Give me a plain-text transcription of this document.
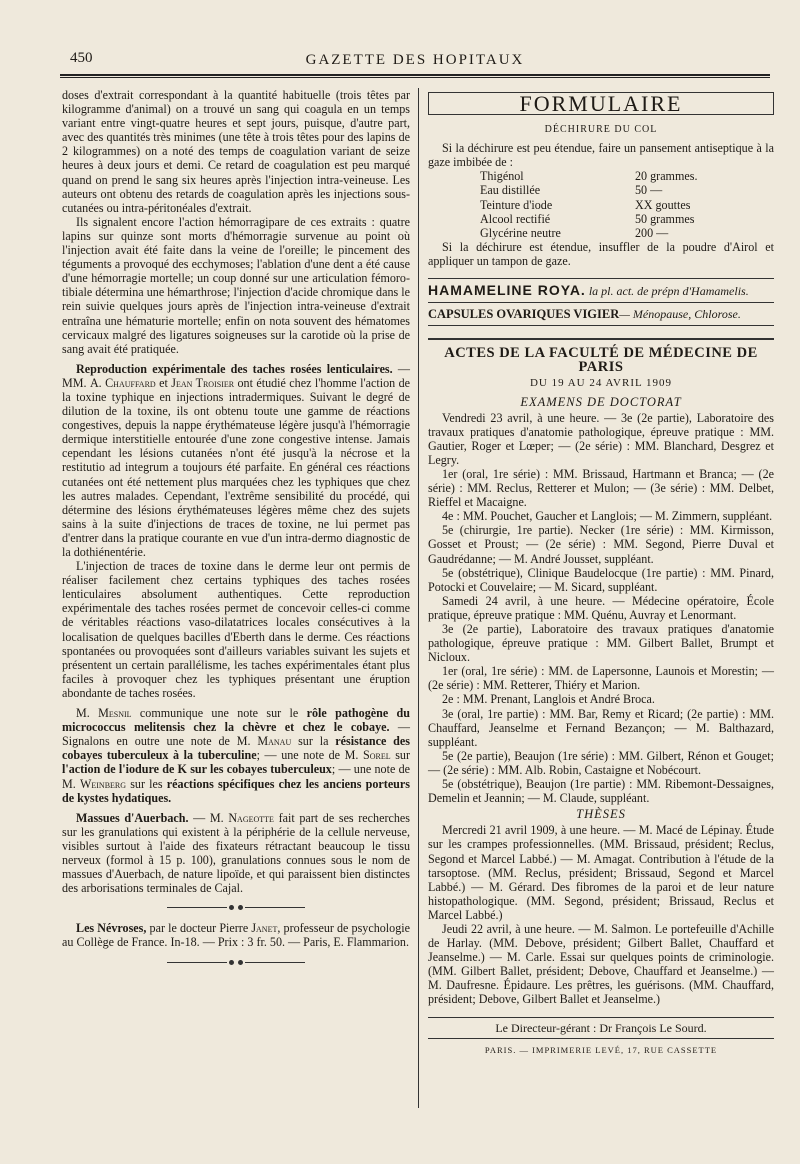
450	GAZETTE DES HOPITAUX

doses d'extrait correspondant à la quantité habituelle (trois têtes par kilogramme d'animal) on a trouvé un sang qui coagula en un temps variant entre vingt-quatre heures et sept jours, puisque, d'autre part, avec des quantités très minimes (une tête à trois têtes pour des lapins de 2 kilogrammes) on a noté des temps de coagulation variant de seize heures à deux jours et demi. Ce retard de coagulation est peu marqué quand on prend le sang six heures après l'injection intra-veineuse. Les auteurs ont obtenu des retards de coagulation après les injections sous-cutanées ou intra-péritonéales d'extrait.

Ils signalent encore l'action hémorragipare de ces extraits : quatre lapins sur quinze sont morts d'hémorragie survenue au point où l'injection avait été faite dans la veine de l'oreille; le pincement des téguments a provoqué des ecchymoses; l'ablation d'une dent a été cause d'une hémorragie mortelle; un coup donné sur une articulation fémoro-tibiale détermina une hémarthrose; l'injection d'acide chromique dans le rein suivie quelques jours après de l'injection intra-veineuse d'extrait entraîna une hématurie mortelle; enfin on nota souvent des hématomes cervicaux malgré des ligatures soigneuses sur la carotide où la prise de sang avait été pratiquée.

Reproduction expérimentale des taches rosées lenticulaires. — MM. A. Chauffard et Jean Troisier ont étudié chez l'homme l'action de la toxine typhique en injections intradermiques. Suivant le degré de dilution de la toxine, ils ont obtenu toute une gamme de réactions congestives, depuis la nappe érythémateuse légère jusqu'à l'hémorragie dermique interstitielle entourée d'une zone congestive intense. Jamais cependant les lésions cutanées n'ont été jusqu'à la nécrose et la restitutio ad integrum a toujours été parfaite. En général ces réactions cutanées ont été nettement plus marquées chez les typhiques que chez les autres malades. Cependant, l'extrême sensibilité du procédé, qui détermine des lésions érythémateuses légères même chez des sujets sains à la suite d'injections de traces de toxine, ne lui permet pas d'entrer dans la pratique courante en vue d'un intra-dermo diagnostic de la dothiénentérie.

L'injection de traces de toxine dans le derme leur ont permis de réaliser facilement chez certains typhiques des taches rosées lenticulaires absolument authentiques. Cette reproduction expérimentale des taches rosées permet de concevoir celles-ci comme de véritables réactions vaso-dilatatrices locales consécutives à la localisation de quelques bacilles d'Eberth dans le derme. Ces réactions spontanées ou provoquées sont d'ailleurs variables suivant les sujets et présentent un certain parallélisme, les taches expérimentales étant plus faciles à provoquer chez les typhiques présentant une éruption abondante de taches rosées.

M. Mesnil communique une note sur le rôle pathogène du micrococcus melitensis chez la chèvre et chez le cobaye. — Signalons en outre une note de M. Manau sur la résistance des cobayes tuberculeux à la tuberculine; — une note de M. Sorel sur l'action de l'iodure de K sur les cobayes tuberculeux; — une note de M. Weinberg sur les réactions spécifiques chez les anciens porteurs de kystes hydatiques.

Massues d'Auerbach. — M. Nageotte fait part de ses recherches sur les granulations qui existent à la périphérie de la cellule nerveuse, visibles surtout à l'aide des fixateurs rétractant beaucoup le tissu nerveux (formol à 15 p. 100), granulations connues sous le nom de massues d'Auerbach, de nature lipoïde, et qui paraissent bien distinctes des arborisations terminales de Cajal.

Les Névroses, par le docteur Pierre Janet, professeur de psychologie au Collège de France. In-18. — Prix : 3 fr. 50. — Paris, E. Flammarion.

FORMULAIRE
DÉCHIRURE DU COL

Si la déchirure est peu étendue, faire un pansement antiseptique à la gaze imbibée de :

Thigénol	20 grammes.
Eau distillée	50 —
Teinture d'iode	XX gouttes
Alcool rectifié	50 grammes
Glycérine neutre	200 —

Si la déchirure est étendue, insuffler de la poudre d'Airol et appliquer un tampon de gaze.

HAMAMELINE ROYA. la pl. act. de prépn d'Hamamelis.
CAPSULES OVARIQUES VIGIER— Ménopause, Chlorose.
ACTES DE LA FACULTÉ DE MÉDECINE DE PARIS
DU 19 AU 24 AVRIL 1909
EXAMENS DE DOCTORAT

Vendredi 23 avril, à une heure. — 3e (2e partie), Laboratoire des travaux pratiques d'anatomie pathologique, épreuve pratique : MM. Gautier, Roger et Lœper; — (2e série) : MM. Blanchard, Desgrez et Legry.

1er (oral, 1re série) : MM. Brissaud, Hartmann et Branca; — (2e série) : MM. Reclus, Retterer et Mulon; — (3e série) : MM. Delbet, Rieffel et Macaigne.

4e : MM. Pouchet, Gaucher et Langlois; — M. Zimmern, suppléant.

5e (chirurgie, 1re partie). Necker (1re série) : MM. Kirmisson, Gosset et Proust; — (2e série) : MM. Segond, Pierre Duval et Gaudrédanne; — M. André Jousset, suppléant.

5e (obstétrique), Clinique Baudelocque (1re partie) : MM. Pinard, Potocki et Couvelaire; — M. Sicard, suppléant.

Samedi 24 avril, à une heure. — Médecine opératoire, École pratique, épreuve pratique : MM. Quénu, Auvray et Lenormant.

3e (2e partie), Laboratoire des travaux pratiques d'anatomie pathologique, épreuve pratique : MM. Gilbert Ballet, Brumpt et Nicloux.

1er (oral, 1re série) : MM. de Lapersonne, Launois et Morestin; — (2e série) : MM. Retterer, Thiéry et Marion.

2e : MM. Prenant, Langlois et André Broca.

3e (oral, 1re partie) : MM. Bar, Remy et Ricard; (2e partie) : MM. Chauffard, Jeanselme et Fernand Bezançon; — M. Balthazard, suppléant.

5e (2e partie), Beaujon (1re série) : MM. Gilbert, Rénon et Gouget; — (2e série) : MM. Alb. Robin, Castaigne et Nobécourt.

5e (obstétrique), Beaujon (1re partie) : MM. Ribemont-Dessaignes, Demelin et Jeannin; — M. Claude, suppléant.

THÈSES

Mercredi 21 avril 1909, à une heure. — M. Macé de Lépinay. Étude sur les crampes professionnelles. (MM. Brissaud, président; Reclus, Segond et Marcel Labbé.) — M. Amagat. Contribution à l'étude de la tarsoptose. (MM. Reclus, président; Brissaud, Segond et Marcel Labbé.) — M. Gérard. Des fibromes de la paroi et de leur nature histopathologique. (MM. Segond, président; Brissaud, Reclus et Marcel Labbé.)

Jeudi 22 avril, à une heure. — M. Salmon. Le portefeuille d'Achille de Harlay. (MM. Debove, président; Gilbert Ballet, Chauffard et Jeanselme.) — M. Carle. Essai sur quelques points de criminologie. (MM. Gilbert Ballet, président; Debove, Chauffard et Jeanselme.) — M. Daufresne. Épidaure. Les prêtres, les guérisons. (MM. Chauffard, président; Debove, Gilbert Ballet et Jeanselme.)

Le Directeur-gérant : Dr François Le Sourd.
PARIS. — IMPRIMERIE LEVÉ, 17, RUE CASSETTE
